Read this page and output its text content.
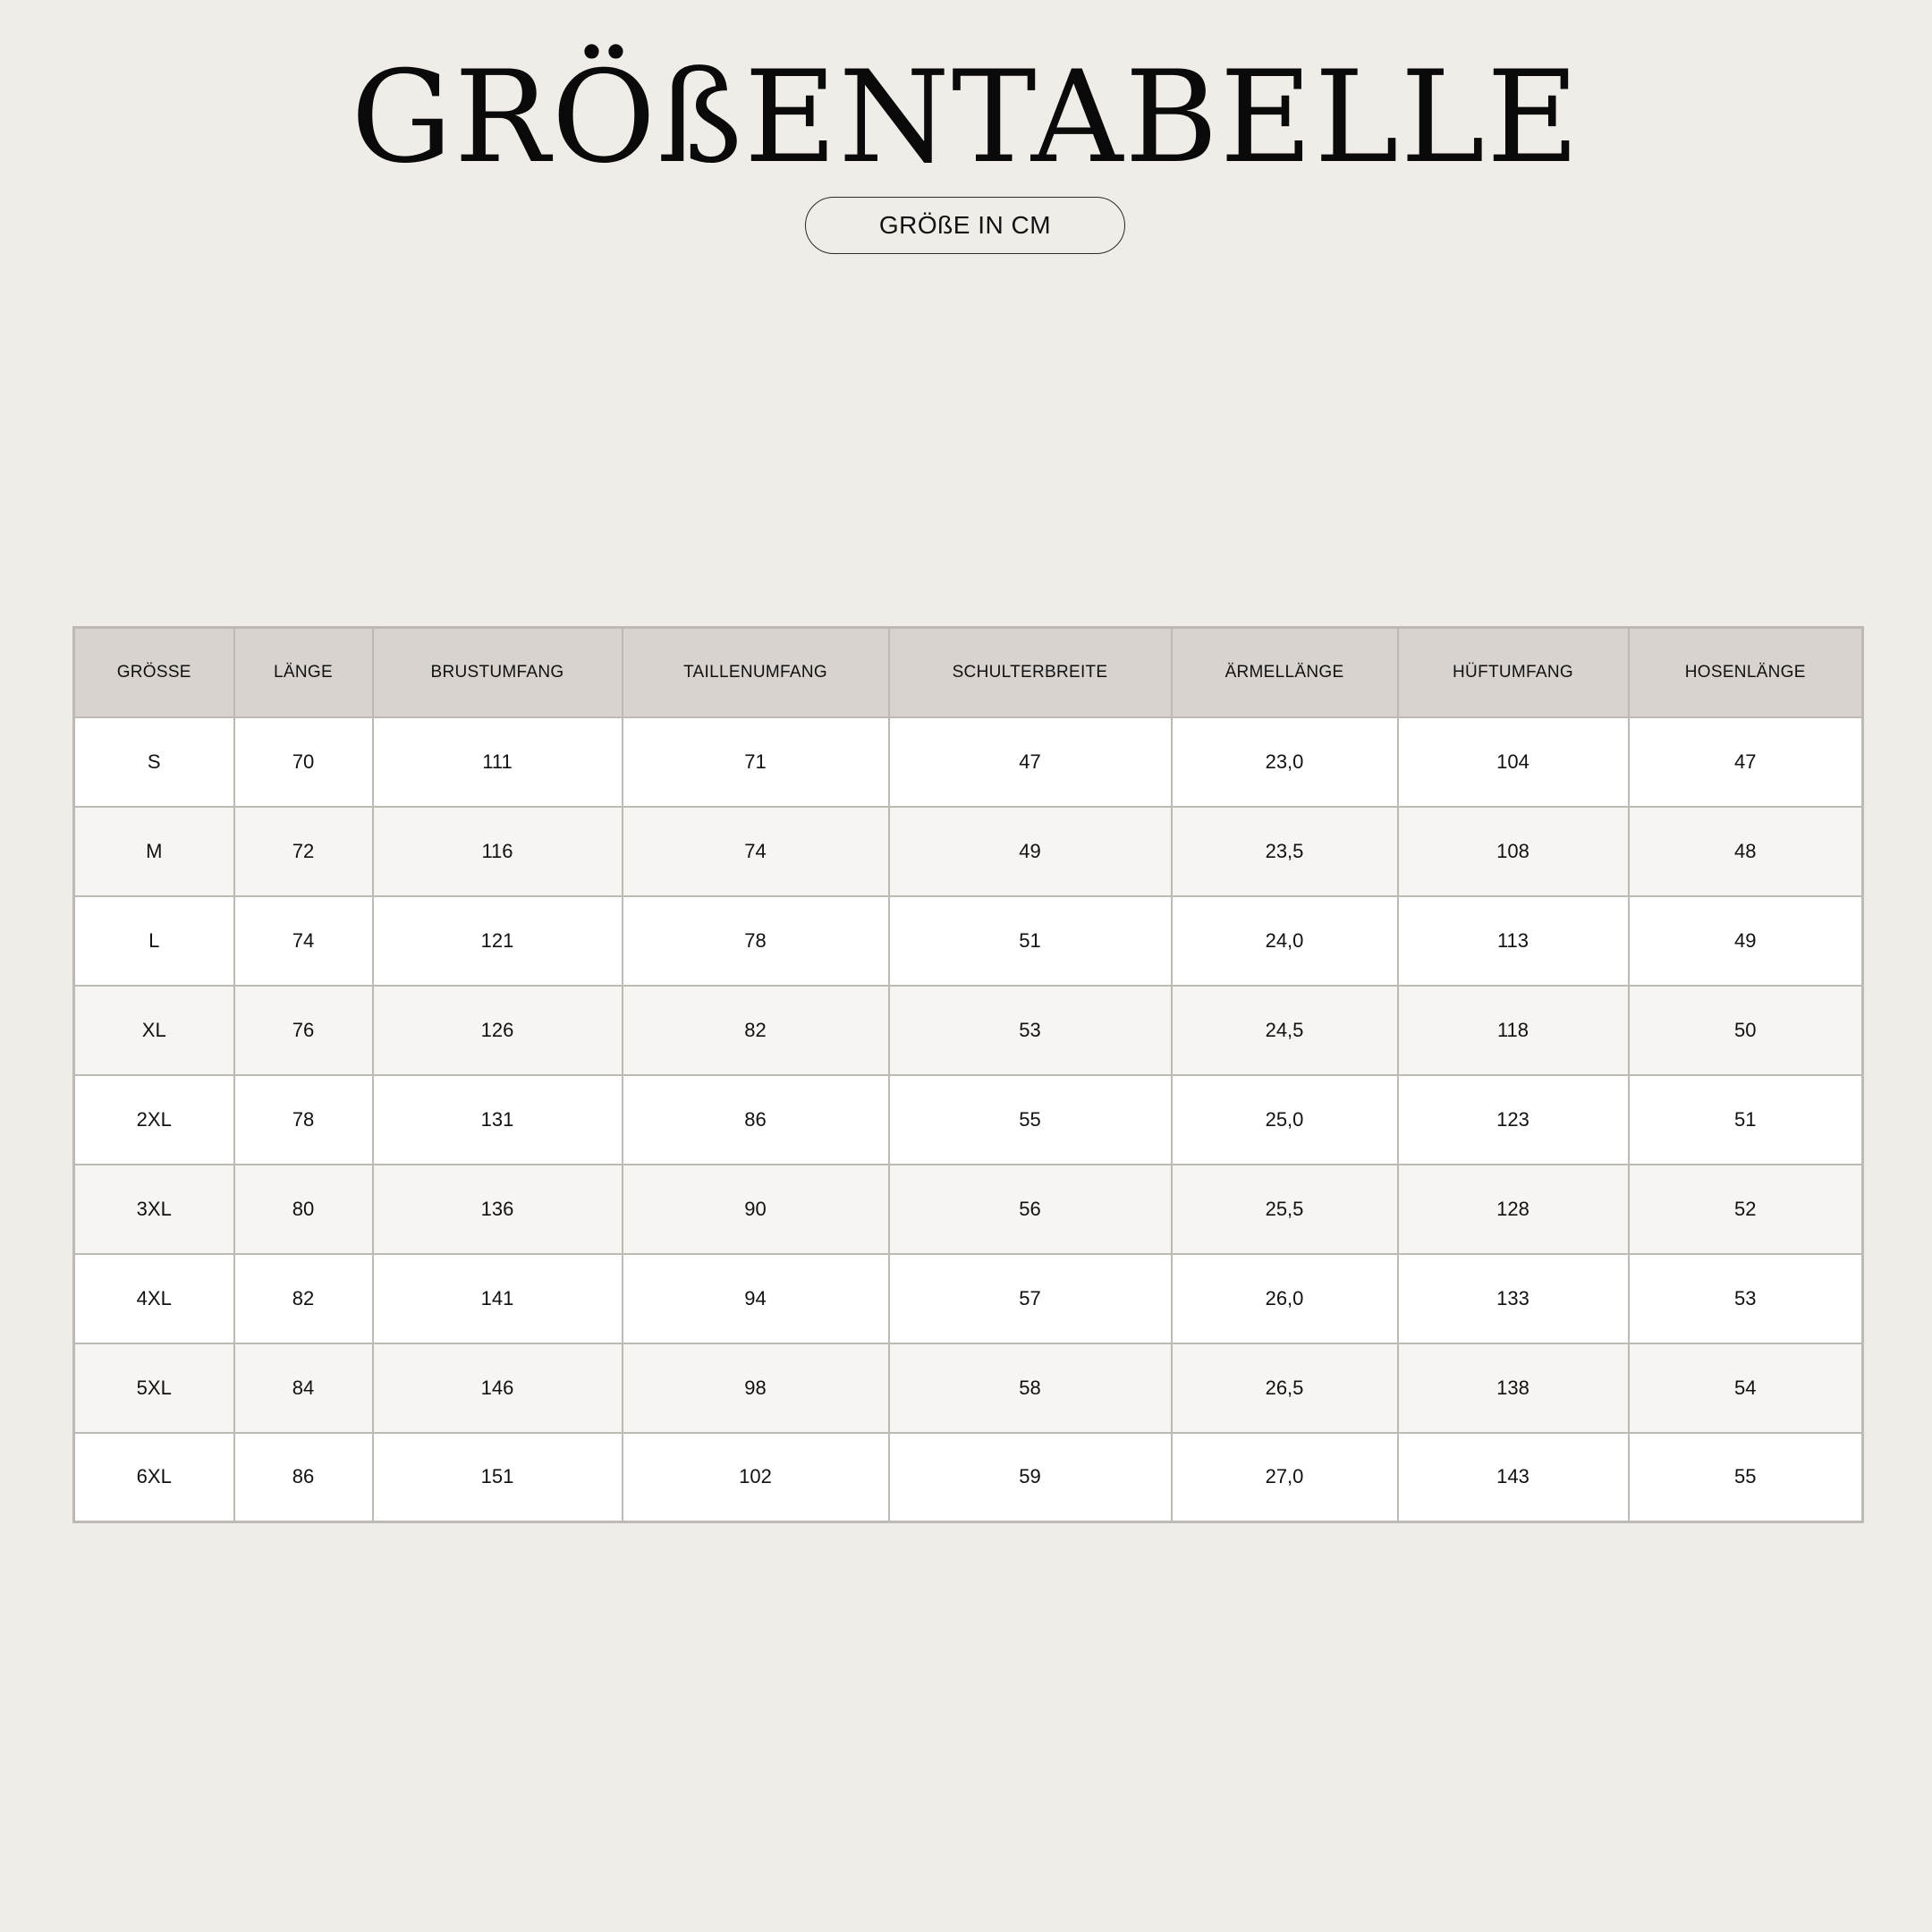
GRÖßENTABELLE
GRÖßE IN CM
GRÖSSE	LÄNGE	BRUSTUMFANG	TAILLENUMFANG	SCHULTERBREITE	ÄRMELLÄNGE	HÜFTUMFANG	HOSENLÄNGE
S	70	111	71	47	23,0	104	47
M	72	116	74	49	23,5	108	48
L	74	121	78	51	24,0	113	49
XL	76	126	82	53	24,5	118	50
2XL	78	131	86	55	25,0	123	51
3XL	80	136	90	56	25,5	128	52
4XL	82	141	94	57	26,0	133	53
5XL	84	146	98	58	26,5	138	54
6XL	86	151	102	59	27,0	143	55
